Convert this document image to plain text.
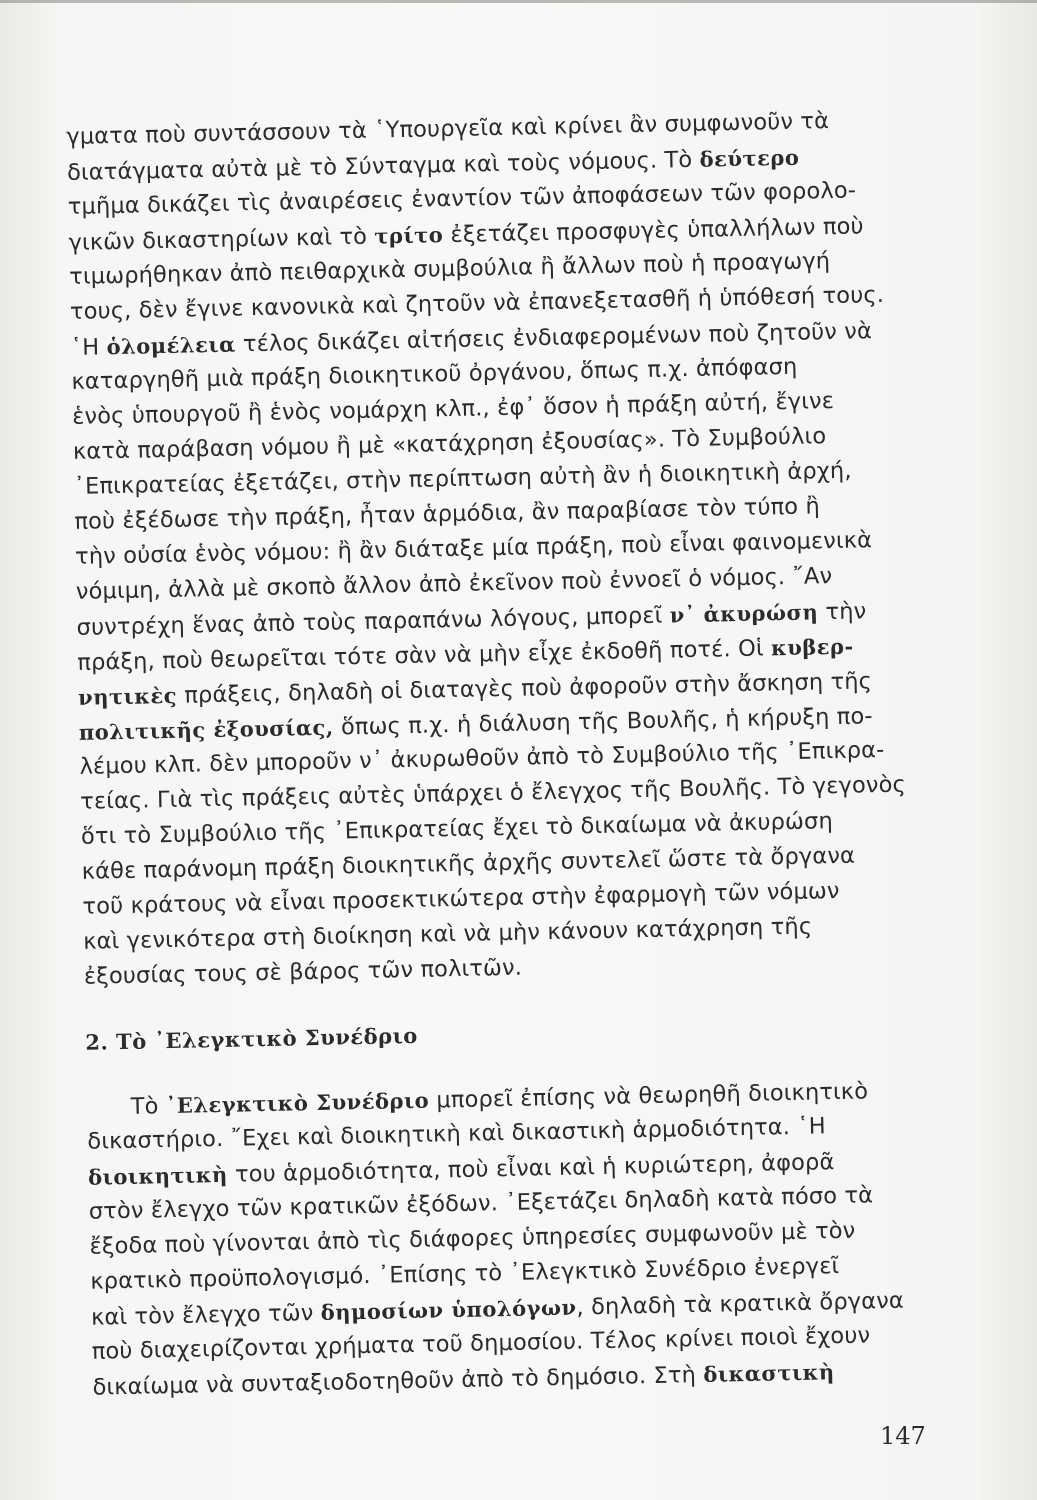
γματα ποὺ συντάσσουν τὰ ῾Υπουργεῖα καὶ κρίνει ἂν συμφωνοῦν τὰ
διατάγματα αὐτὰ μὲ τὸ Σύνταγμα καὶ τοὺς νόμους. Τὸ δεύτερο
τμῆμα δικάζει τὶς ἀναιρέσεις ἐναντίον τῶν ἀποφάσεων τῶν φορολο-
γικῶν δικαστηρίων καὶ τὸ τρίτο ἐξετάζει προσφυγὲς ὑπαλλήλων ποὺ
τιμωρήθηκαν ἀπὸ πειθαρχικὰ συμβούλια ἢ ἄλλων ποὺ ἡ προαγωγή
τους, δὲν ἔγινε κανονικὰ καὶ ζητοῦν νὰ ἐπανεξετασθῆ ἡ ὑπόθεσή τους.
῾Η ὁλομέλεια τέλος δικάζει αἰτήσεις ἐνδιαφερομένων ποὺ ζητοῦν νὰ
καταργηθῆ μιὰ πράξη διοικητικοῦ ὀργάνου, ὅπως π.χ. ἀπόφαση
ἑνὸς ὑπουργοῦ ἢ ἑνὸς νομάρχη κλπ., ἐφ᾿ ὅσον ἡ πράξη αὐτή, ἔγινε
κατὰ παράβαση νόμου ἢ μὲ «κατάχρηση ἐξουσίας». Τὸ Συμβούλιο
᾿Επικρατείας ἐξετάζει, στὴν περίπτωση αὐτὴ ἂν ἡ διοικητικὴ ἀρχή,
ποὺ ἐξέδωσε τὴν πράξη, ἦταν ἁρμόδια, ἂν παραβίασε τὸν τύπο ἢ
τὴν οὐσία ἑνὸς νόμου: ἢ ἂν διάταξε μία πράξη, ποὺ εἶναι φαινομενικὰ
νόμιμη, ἀλλὰ μὲ σκοπὸ ἄλλον ἀπὸ ἐκεῖνον ποὺ ἐννοεῖ ὁ νόμος. ῎Αν
συντρέχη ἕνας ἀπὸ τοὺς παραπάνω λόγους, μπορεῖ ν᾿ ἀκυρώση τὴν
πράξη, ποὺ θεωρεῖται τότε σὰν νὰ μὴν εἶχε ἐκδοθῆ ποτέ. Οἱ κυβερ-
νητικὲς πράξεις, δηλαδὴ οἱ διαταγὲς ποὺ ἀφοροῦν στὴν ἄσκηση τῆς
πολιτικῆς ἐξουσίας, ὅπως π.χ. ἡ διάλυση τῆς Βουλῆς, ἡ κήρυξη πο-
λέμου κλπ. δὲν μποροῦν ν᾿ ἀκυρωθοῦν ἀπὸ τὸ Συμβούλιο τῆς ᾿Επικρα-
τείας. Γιὰ τὶς πράξεις αὐτὲς ὑπάρχει ὁ ἔλεγχος τῆς Βουλῆς. Τὸ γεγονὸς
ὅτι τὸ Συμβούλιο τῆς ᾿Επικρατείας ἔχει τὸ δικαίωμα νὰ ἀκυρώση
κάθε παράνομη πράξη διοικητικῆς ἀρχῆς συντελεῖ ὥστε τὰ ὄργανα
τοῦ κράτους νὰ εἶναι προσεκτικώτερα στὴν ἐφαρμογὴ τῶν νόμων
καὶ γενικότερα στὴ διοίκηση καὶ νὰ μὴν κάνουν κατάχρηση τῆς
ἐξουσίας τους σὲ βάρος τῶν πολιτῶν.
2. Τὸ ᾿Ελεγκτικὸ Συνέδριο
Τὸ ᾿Ελεγκτικὸ Συνέδριο μπορεῖ ἐπίσης νὰ θεωρηθῆ διοικητικὸ
δικαστήριο. ῎Εχει καὶ διοικητικὴ καὶ δικαστικὴ ἁρμοδιότητα. ῾Η
διοικητικὴ του ἁρμοδιότητα, ποὺ εἶναι καὶ ἡ κυριώτερη, ἀφορᾶ
στὸν ἔλεγχο τῶν κρατικῶν ἐξόδων. ᾿Εξετάζει δηλαδὴ κατὰ πόσο τὰ
ἔξοδα ποὺ γίνονται ἀπὸ τὶς διάφορες ὑπηρεσίες συμφωνοῦν μὲ τὸν
κρατικὸ προϋπολογισμό. ᾿Επίσης τὸ ᾿Ελεγκτικὸ Συνέδριο ἐνεργεῖ
καὶ τὸν ἔλεγχο τῶν δημοσίων ὑπολόγων, δηλαδὴ τὰ κρατικὰ ὄργανα
ποὺ διαχειρίζονται χρήματα τοῦ δημοσίου. Τέλος κρίνει ποιοὶ ἔχουν
δικαίωμα νὰ συνταξιοδοτηθοῦν ἀπὸ τὸ δημόσιο. Στὴ δικαστικὴ
147
